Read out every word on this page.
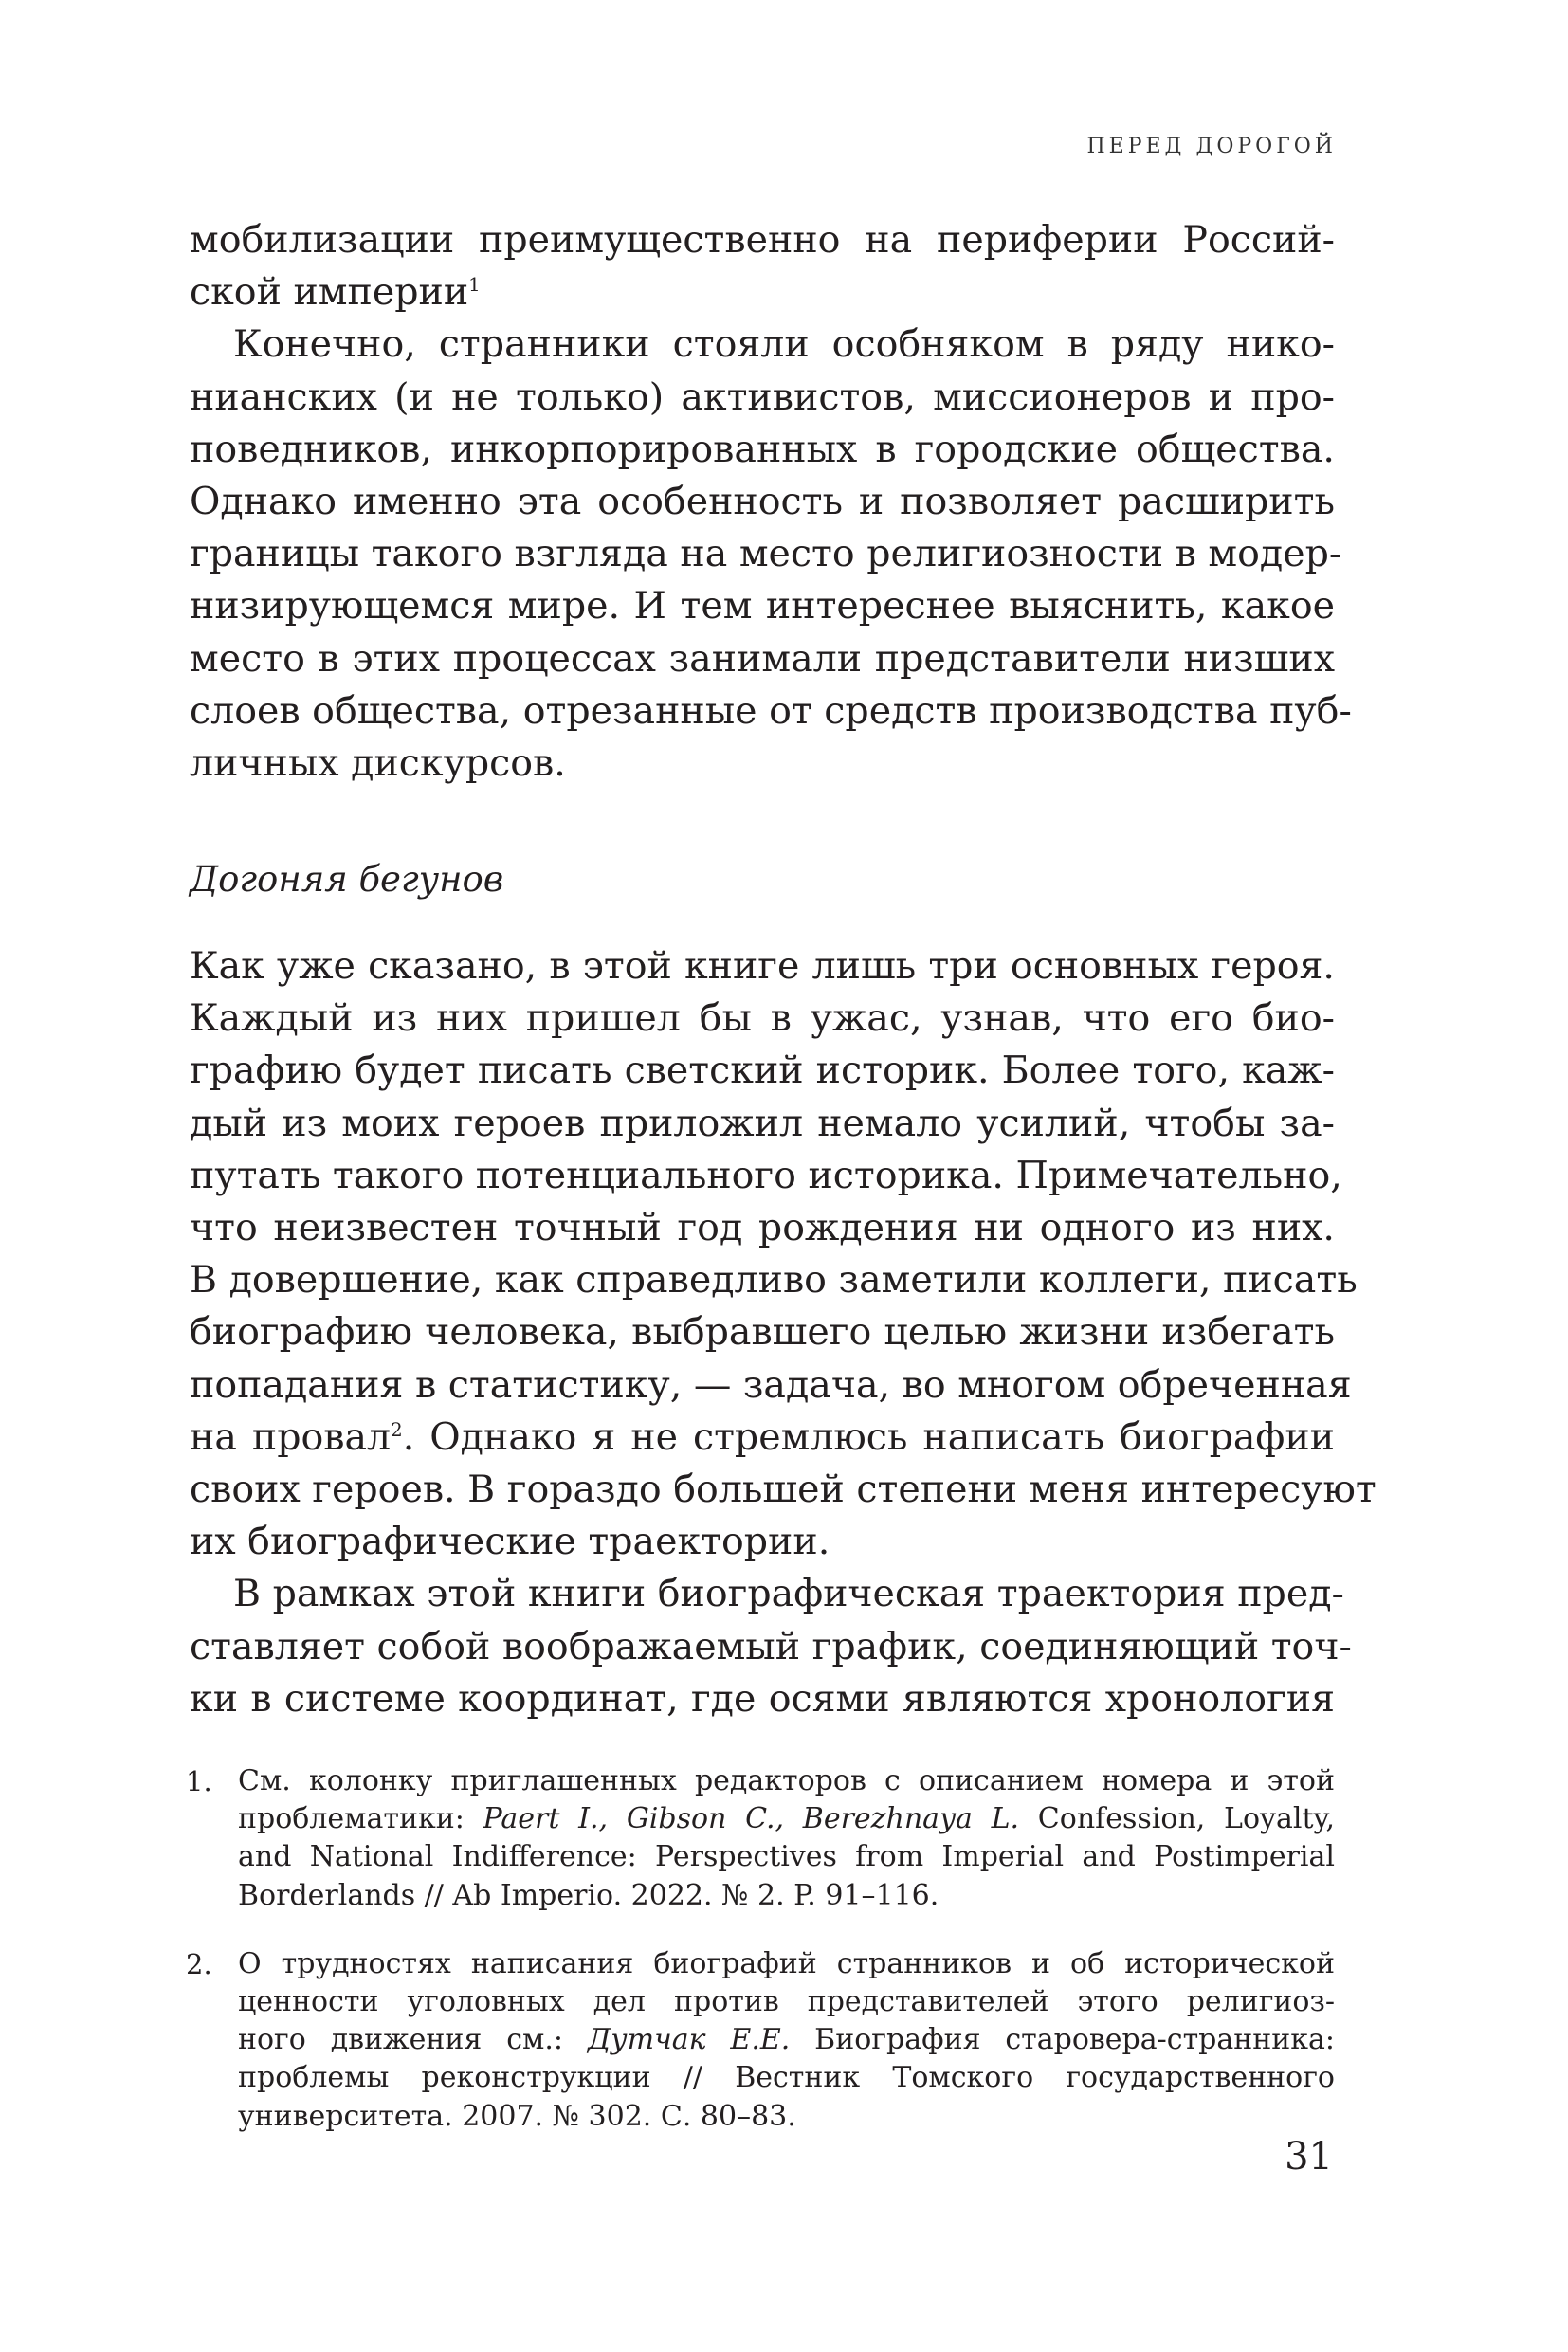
ПЕРЕД ДОРОГОЙ
мобилизации преимущественно на периферии Россий-
ской империи$^1$
Конечно, странники стояли особняком в ряду нико-
нианских (и не только) активистов, миссионеров и про-
поведников, инкорпорированных в городские общества.
Однако именно эта особенность и позволяет расширить
границы такого взгляда на место религиозности в модер-
низирующемся мире. И тем интереснее выяснить, какое
место в этих процессах занимали представители низших
слоев общества, отрезанные от средств производства пуб-
личных дискурсов.
Догоняя бегунов
Как уже сказано, в этой книге лишь три основных героя.
Каждый из них пришел бы в ужас, узнав, что его био-
графию будет писать светский историк. Более того, каж-
дый из моих героев приложил немало усилий, чтобы за-
путать такого потенциального историка. Примечательно,
что неизвестен точный год рождения ни одного из них.
В довершение, как справедливо заметили коллеги, писать
биографию человека, выбравшего целью жизни избегать
попадания в статистику, — задача, во многом обреченная
на провал$^2$. Однако я не стремлюсь написать биографии
своих героев. В гораздо большей степени меня интересуют
их биографические траектории.
В рамках этой книги биографическая траектория пред-
ставляет собой воображаемый график, соединяющий точ-
ки в системе координат, где осями являются хронология
1. См. колонку приглашенных редакторов с описанием номера и этой
проблематики: Paert I., Gibson C., Berezhnaya L. Confession, Loyalty,
and National Indifference: Perspectives from Imperial and Postimperial
Borderlands // Ab Imperio. 2022. № 2. P. 91–116.
2. О трудностях написания биографий странников и об исторической
ценности уголовных дел против представителей этого религиоз-
ного движения см.: Дутчак Е.Е. Биография старовера-странника:
проблемы реконструкции // Вестник Томского государственного
университета. 2007. № 302. С. 80–83.
31
